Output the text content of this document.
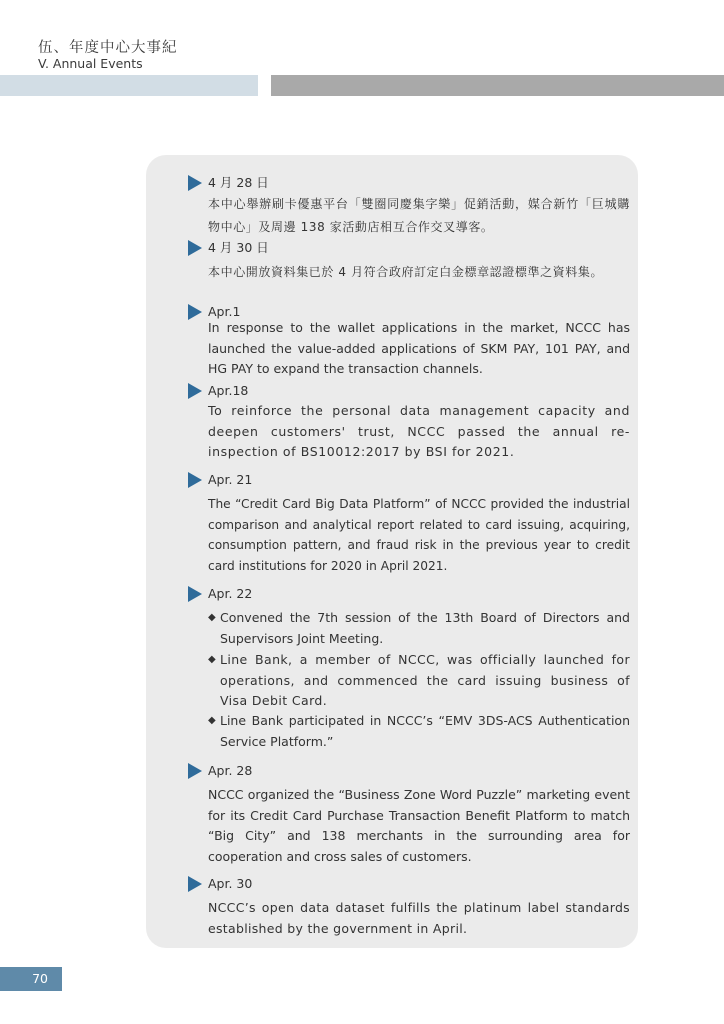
伍、年度中心大事紀
V. Annual Events
4 月 28 日
本中心舉辦刷卡優惠平台「雙圈同慶集字樂」促銷活動，媒合新竹「巨城購物中心」及周邊 138 家活動店相互合作交叉導客。
4 月 30 日
本中心開放資料集已於 4 月符合政府訂定白金標章認證標準之資料集。
Apr.1
In response to the wallet applications in the market, NCCC has launched the value-added applications of SKM PAY, 101 PAY, and HG PAY to expand the transaction channels.
Apr.18
To reinforce the personal data management capacity and deepen customers' trust, NCCC passed the annual re-inspection of BS10012:2017 by BSI for 2021.
Apr. 21
The “Credit Card Big Data Platform” of NCCC provided the industrial comparison and analytical report related to card issuing, acquiring, consumption pattern, and fraud risk in the previous year to credit card institutions for 2020 in April 2021.
Apr. 22
◆ Convened the 7th session of the 13th Board of Directors and Supervisors Joint Meeting.
◆ Line Bank, a member of NCCC, was officially launched for operations, and commenced the card issuing business of Visa Debit Card.
◆ Line Bank participated in NCCC’s “EMV 3DS-ACS Authentication Service Platform.”
Apr. 28
NCCC organized the “Business Zone Word Puzzle” marketing event for its Credit Card Purchase Transaction Benefit Platform to match “Big City” and 138 merchants in the surrounding area for cooperation and cross sales of customers.
Apr. 30
NCCC’s open data dataset fulfills the platinum label standards established by the government in April.
70
